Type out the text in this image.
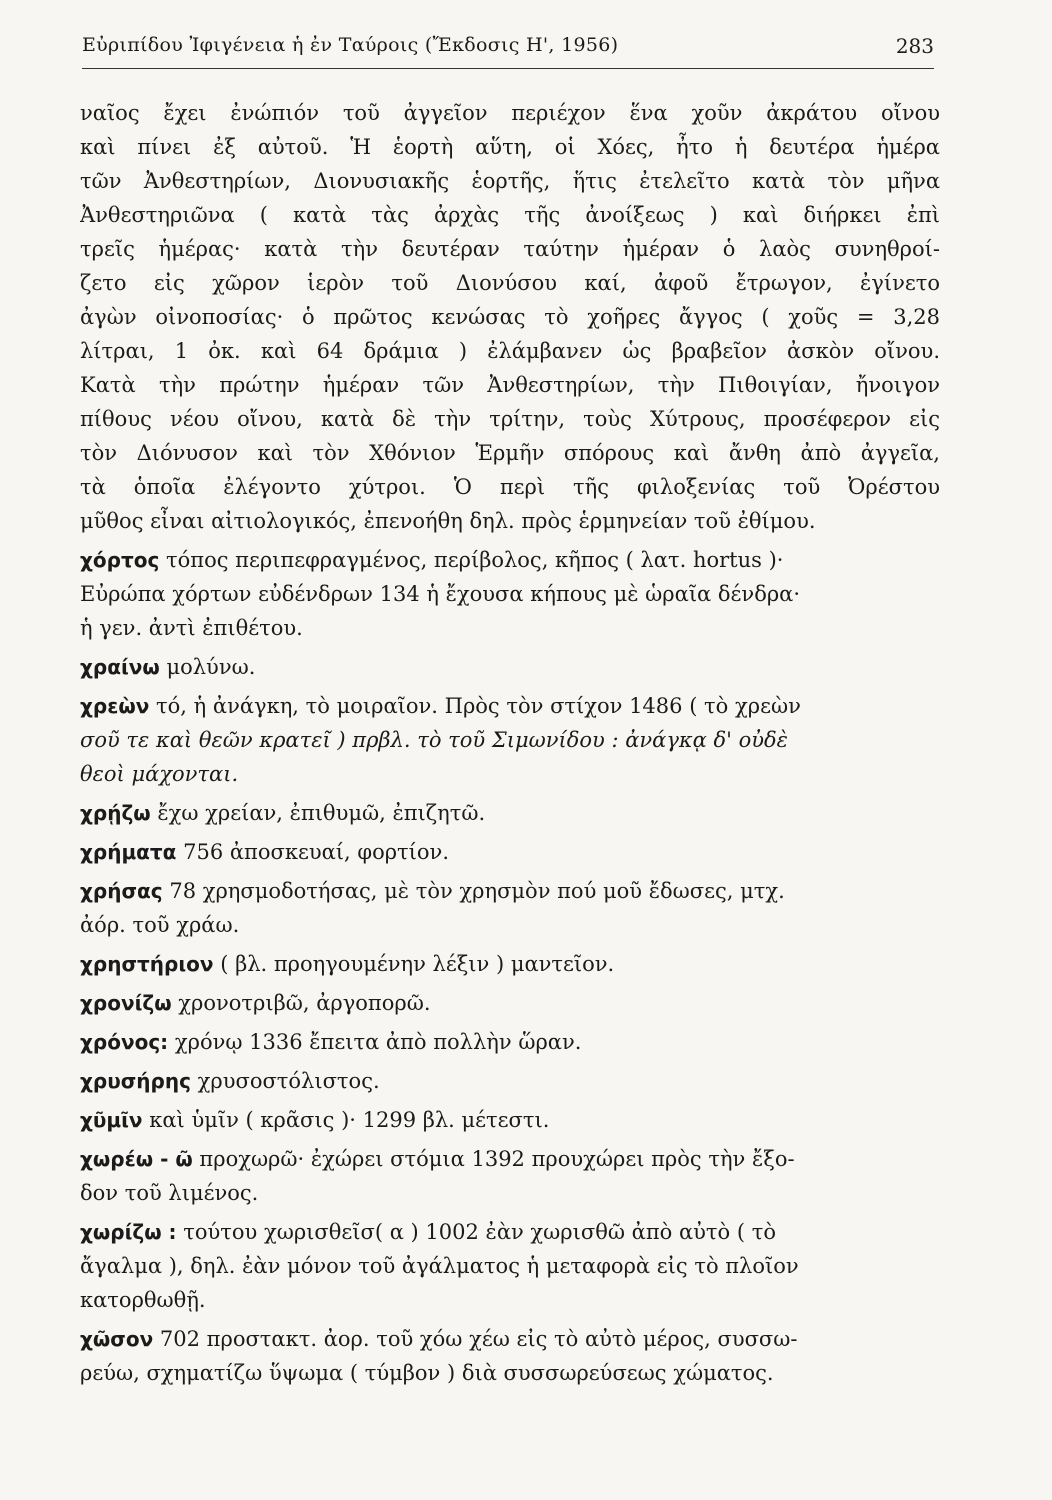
Εὐριπίδου Ἰφιγένεια ἡ ἐν Ταύροις (Ἔκδοσις Η', 1956)	283
ναῖος ἔχει ἐνώπιόν τοῦ ἀγγεῖον περιέχον ἕνα χοῦν ἀκράτου οἴνου
καὶ πίνει ἐξ αὐτοῦ. Ἡ ἑορτὴ αὕτη, οἱ Χόες, ἦτο ἡ δευτέρα ἡμέρα
τῶν Ἀνθεστηρίων, Διονυσιακῆς ἑορτῆς, ἥτις ἐτελεῖτο κατὰ τὸν μῆνα
Ἀνθεστηριῶνα ( κατὰ τὰς ἀρχὰς τῆς ἀνοίξεως ) καὶ διήρκει ἐπὶ
τρεῖς ἡμέρας· κατὰ τὴν δευτέραν ταύτην ἡμέραν ὁ λαὸς συνηθροί-
ζετο εἰς χῶρον ἱερὸν τοῦ Διονύσου καί, ἀφοῦ ἔτρωγον, ἐγίνετο
ἀγὼν οἰνοποσίας· ὁ πρῶτος κενώσας τὸ χοῆρες ἄγγος ( χοῦς = 3,28
λίτραι, 1 ὀκ. καὶ 64 δράμια ) ἐλάμβανεν ὡς βραβεῖον ἀσκὸν οἴνου.
Κατὰ τὴν πρώτην ἡμέραν τῶν Ἀνθεστηρίων, τὴν Πιθοιγίαν, ἤνοιγον
πίθους νέου οἴνου, κατὰ δὲ τὴν τρίτην, τοὺς Χύτρους, προσέφερον εἰς
τὸν Διόνυσον καὶ τὸν Χθόνιον Ἑρμῆν σπόρους καὶ ἄνθη ἀπὸ ἀγγεῖα,
τὰ ὁποῖα ἐλέγοντο χύτροι. Ὁ περὶ τῆς φιλοξενίας τοῦ Ὀρέστου
μῦθος εἶναι αἰτιολογικός, ἐπενοήθη δηλ. πρὸς ἑρμηνείαν τοῦ ἐθίμου.
χόρτος τόπος περιπεφραγμένος, περίβολος, κῆπος ( λατ. hortus )·
Εὐρώπα χόρτων εὐδένδρων 134 ἡ ἔχουσα κήπους μὲ ὡραῖα δένδρα·
ἡ γεν. ἀντὶ ἐπιθέτου.
χραίνω μολύνω.
χρεὼν τό, ἡ ἀνάγκη, τὸ μοιραῖον. Πρὸς τὸν στίχον 1486 ( τὸ χρεὼν
σοῦ τε καὶ θεῶν κρατεῖ ) πρβλ. τὸ τοῦ Σιμωνίδου : ἀνάγκᾳ δ' οὐδὲ
θεοὶ μάχονται.
χρῄζω ἔχω χρείαν, ἐπιθυμῶ, ἐπιζητῶ.
χρήματα 756 ἀποσκευαί, φορτίον.
χρήσας 78 χρησμοδοτήσας, μὲ τὸν χρησμὸν πού μοῦ ἔδωσες, μτχ.
ἀόρ. τοῦ χράω.
χρηστήριον ( βλ. προηγουμένην λέξιν ) μαντεῖον.
χρονίζω χρονοτριβῶ, ἀργοπορῶ.
χρόνος: χρόνῳ 1336 ἔπειτα ἀπὸ πολλὴν ὥραν.
χρυσήρης χρυσοστόλιστος.
χῦμῖν καὶ ὑμῖν ( κρᾶσις )· 1299 βλ. μέτεστι.
χωρέω - ῶ προχωρῶ· ἐχώρει στόμια 1392 προυχώρει πρὸς τὴν ἔξο-
δον τοῦ λιμένος.
χωρίζω : τούτου χωρισθεῖσ( α ) 1002 ἐὰν χωρισθῶ ἀπὸ αὐτὸ ( τὸ
ἄγαλμα ), δηλ. ἐὰν μόνον τοῦ ἀγάλματος ἡ μεταφορὰ εἰς τὸ πλοῖον
κατορθωθῇ.
χῶσον 702 προστακτ. ἀορ. τοῦ χόω χέω εἰς τὸ αὐτὸ μέρος, συσσω-
ρεύω, σχηματίζω ὕψωμα ( τύμβον ) διὰ συσσωρεύσεως χώματος.
